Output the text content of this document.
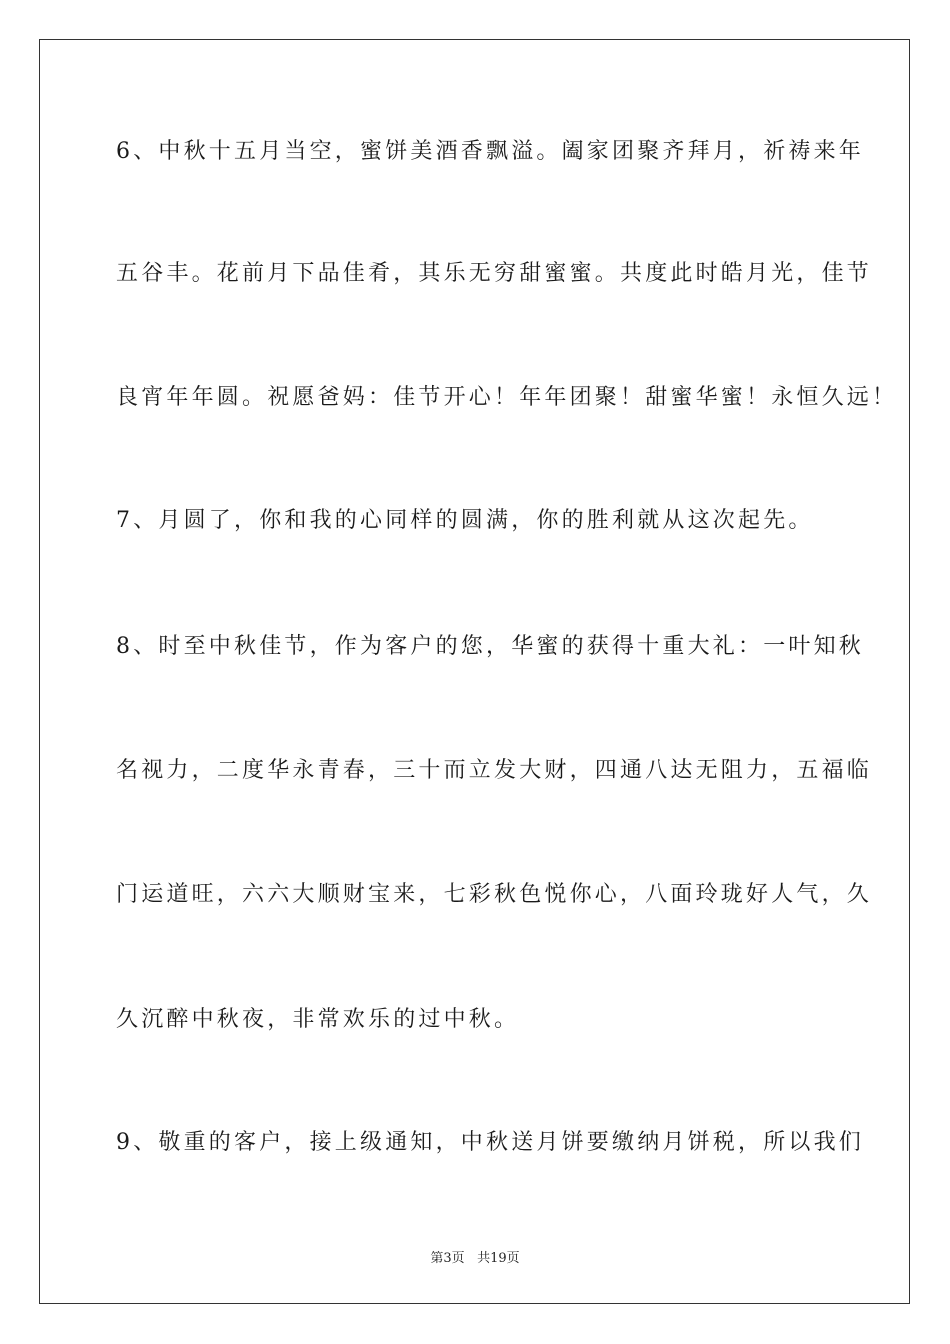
6、中秋十五月当空，蜜饼美酒香飘溢。阖家团聚齐拜月，祈祷来年
五谷丰。花前月下品佳肴，其乐无穷甜蜜蜜。共度此时皓月光，佳节
良宵年年圆。祝愿爸妈：佳节开心！年年团聚！甜蜜华蜜！永恒久远！
7、月圆了，你和我的心同样的圆满，你的胜利就从这次起先。
8、时至中秋佳节，作为客户的您，华蜜的获得十重大礼：一叶知秋
名视力，二度华永青春，三十而立发大财，四通八达无阻力，五福临
门运道旺，六六大顺财宝来，七彩秋色悦你心，八面玲珑好人气，久
久沉醉中秋夜，非常欢乐的过中秋。
9、敬重的客户，接上级通知，中秋送月饼要缴纳月饼税，所以我们
第3页 共19页
